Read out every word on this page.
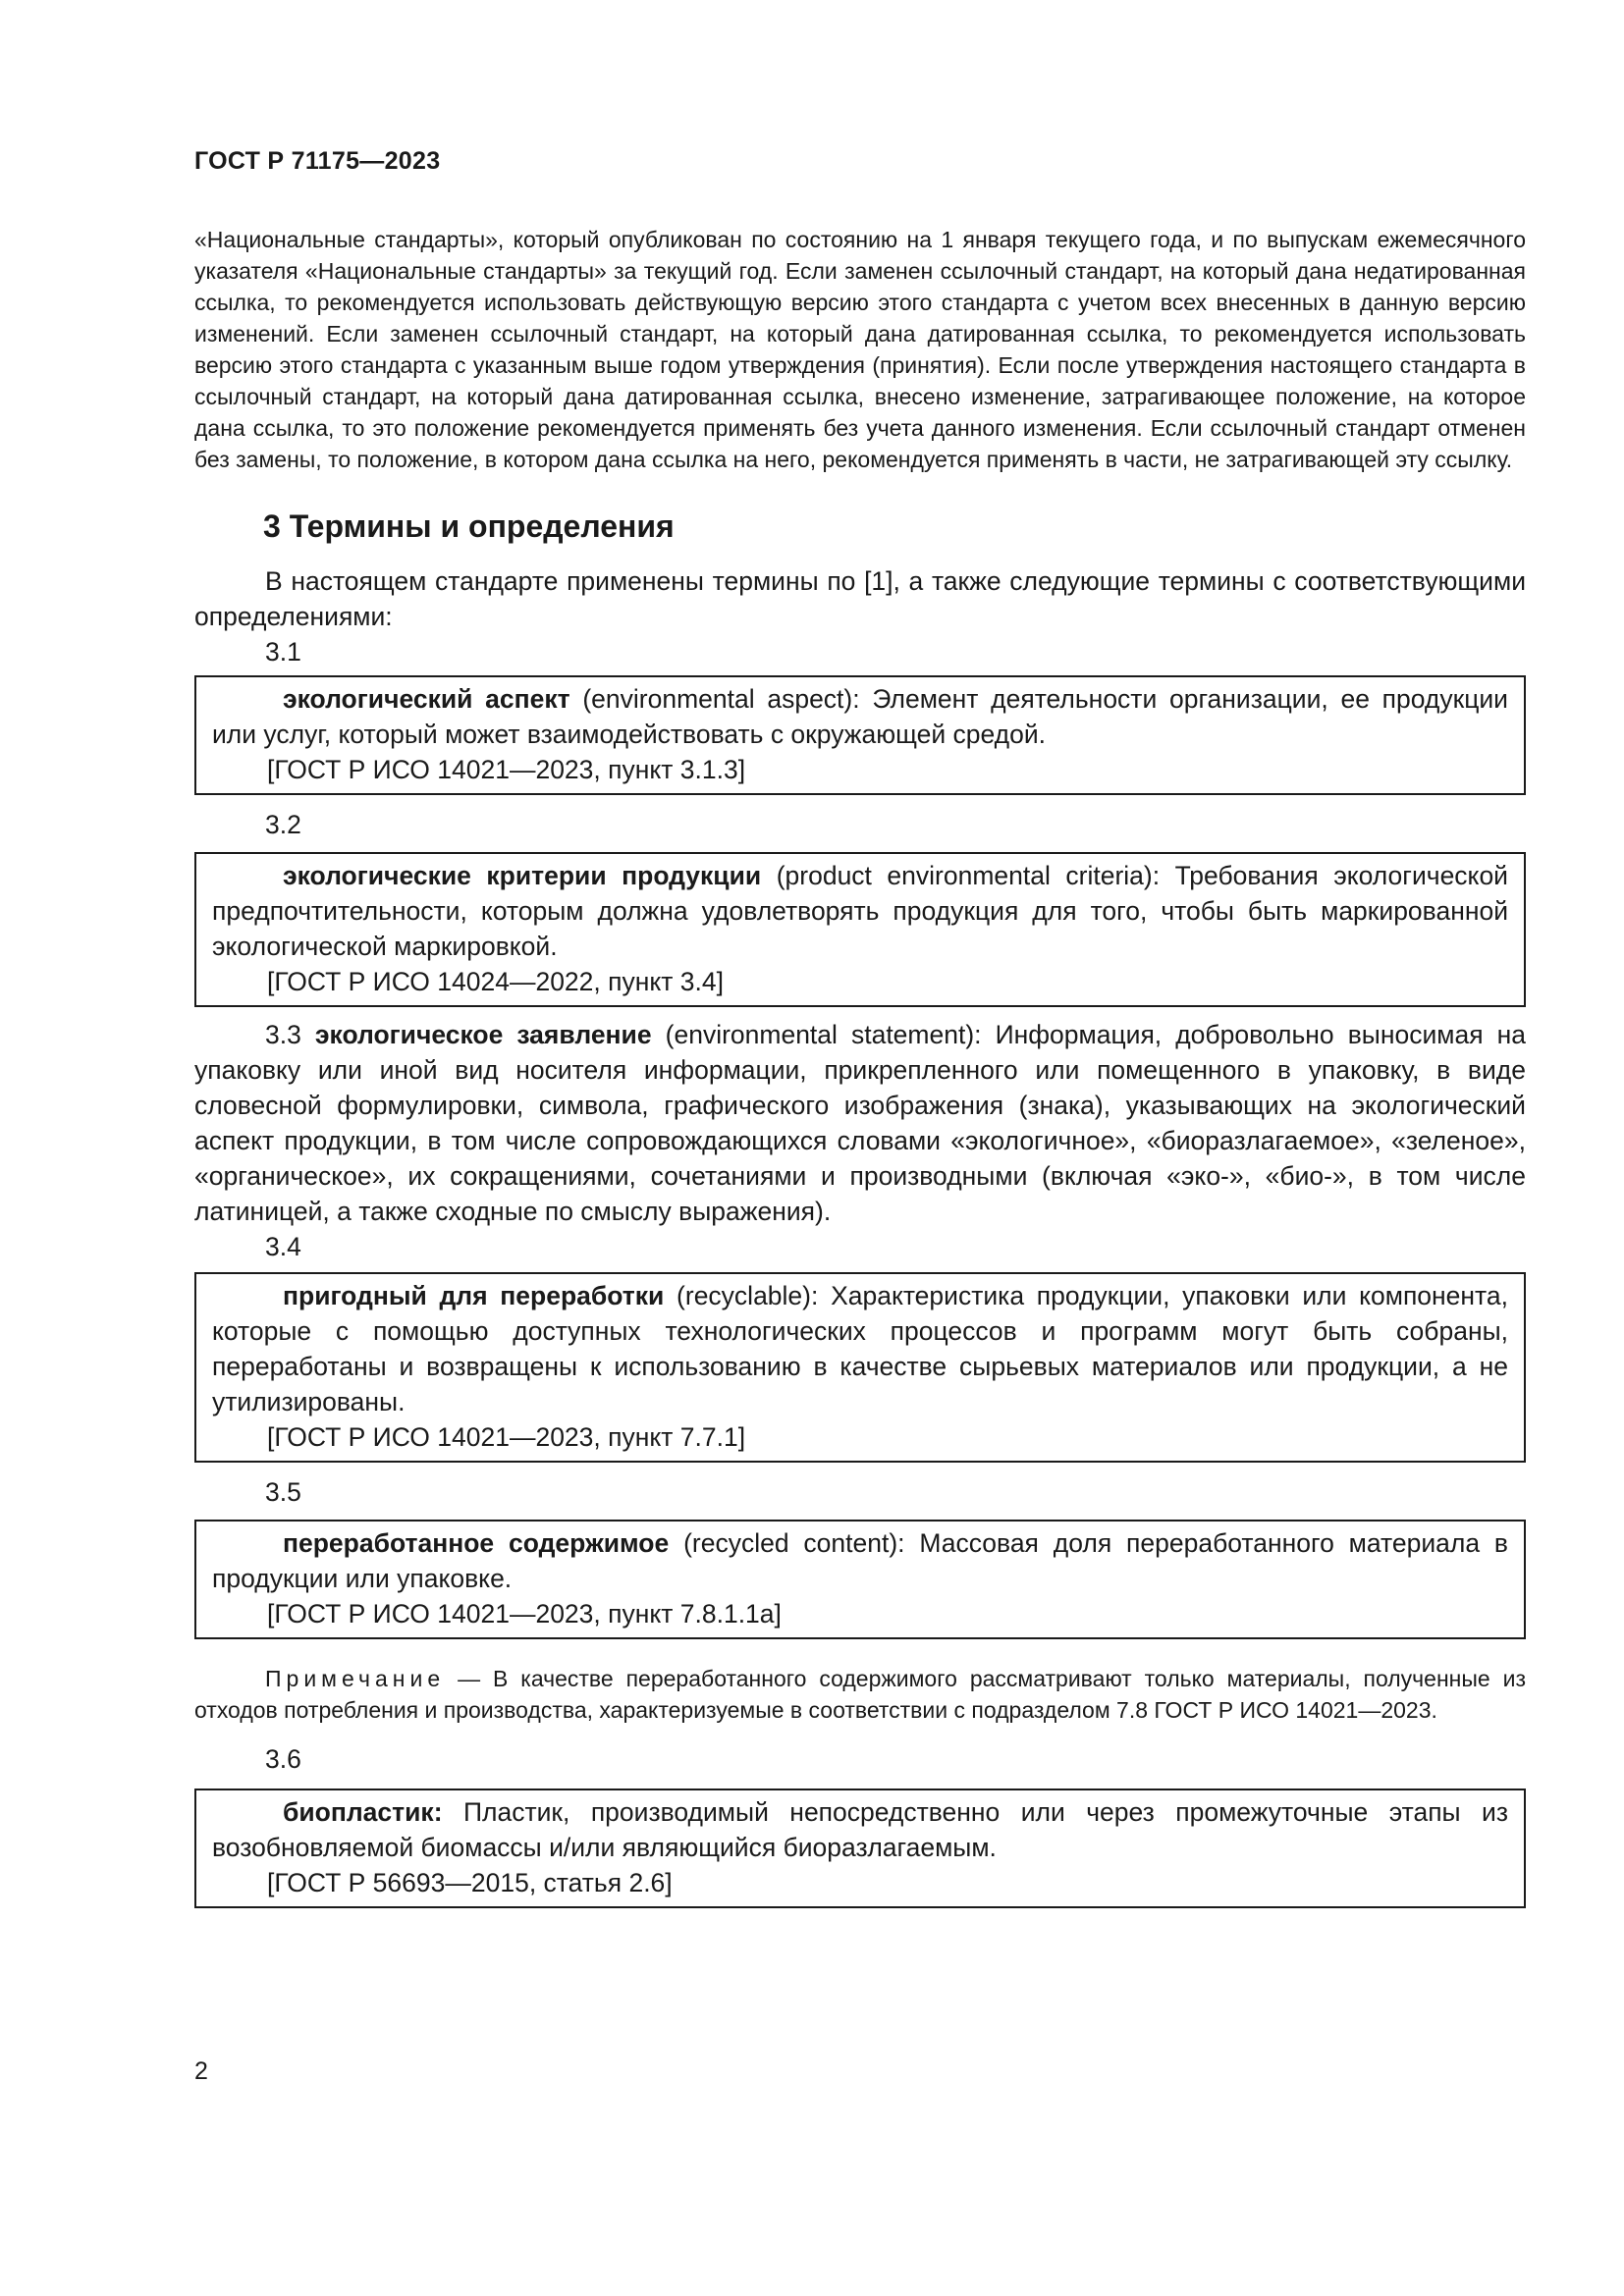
ГОСТ Р 71175—2023

«Национальные стандарты», который опубликован по состоянию на 1 января текущего года, и по выпускам ежемесячного указателя «Национальные стандарты» за текущий год. Если заменен ссылочный стандарт, на который дана недатированная ссылка, то рекомендуется использовать действующую версию этого стандарта с учетом всех внесенных в данную версию изменений. Если заменен ссылочный стандарт, на который дана датированная ссылка, то рекомендуется использовать версию этого стандарта с указанным выше годом утверждения (принятия). Если после утверждения настоящего стандарта в ссылочный стандарт, на который дана датированная ссылка, внесено изменение, затрагивающее положение, на которое дана ссылка, то это положение рекомендуется применять без учета данного изменения. Если ссылочный стандарт отменен без замены, то положение, в котором дана ссылка на него, рекомендуется применять в части, не затрагивающей эту ссылку.

3 Термины и определения

В настоящем стандарте применены термины по [1], а также следующие термины с соответствующими определениями:

3.1

экологический аспект (environmental aspect): Элемент деятельности организации, ее продукции или услуг, который может взаимодействовать с окружающей средой.

[ГОСТ Р ИСО 14021—2023, пункт 3.1.3]

3.2

экологические критерии продукции (product environmental criteria): Требования экологической предпочтительности, которым должна удовлетворять продукция для того, чтобы быть маркированной экологической маркировкой.

[ГОСТ Р ИСО 14024—2022, пункт 3.4]

3.3 экологическое заявление (environmental statement): Информация, добровольно выносимая на упаковку или иной вид носителя информации, прикрепленного или помещенного в упаковку, в виде словесной формулировки, символа, графического изображения (знака), указывающих на экологический аспект продукции, в том числе сопровождающихся словами «экологичное», «биоразлагаемое», «зеленое», «органическое», их сокращениями, сочетаниями и производными (включая «эко-», «био-», в том числе латиницей, а также сходные по смыслу выражения).

3.4

пригодный для переработки (recyclable): Характеристика продукции, упаковки или компонента, которые с помощью доступных технологических процессов и программ могут быть собраны, переработаны и возвращены к использованию в качестве сырьевых материалов или продукции, а не утилизированы.

[ГОСТ Р ИСО 14021—2023, пункт 7.7.1]

3.5

переработанное содержимое (recycled content): Массовая доля переработанного материала в продукции или упаковке.

[ГОСТ Р ИСО 14021—2023, пункт 7.8.1.1а]

Примечание — В качестве переработанного содержимого рассматривают только материалы, полученные из отходов потребления и производства, характеризуемые в соответствии с подразделом 7.8 ГОСТ Р ИСО 14021—2023.

3.6

биопластик: Пластик, производимый непосредственно или через промежуточные этапы из возобновляемой биомассы и/или являющийся биоразлагаемым.

[ГОСТ Р 56693—2015, статья 2.6]

2
